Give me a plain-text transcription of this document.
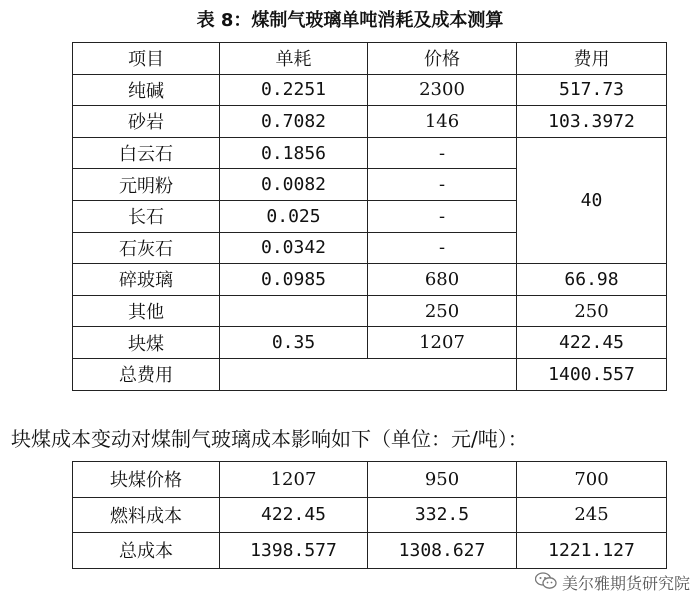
表 8：煤制气玻璃单吨消耗及成本测算
项目	单耗	价格	费用
纯碱	0.2251	2300	517.73
砂岩	0.7082	146	103.3972
白云石	0.1856	-	40
元明粉	0.0082	-	
长石	0.025	-	
石灰石	0.0342	-	
碎玻璃	0.0985	680	66.98
其他		250	250
块煤	0.35	1207	422.45
总费用			1400.557
块煤成本变动对煤制气玻璃成本影响如下（单位：元/吨）：
块煤价格	1207	950	700
燃料成本	422.45	332.5	245
总成本	1398.577	1308.627	1221.127
美尔雅期货研究院
